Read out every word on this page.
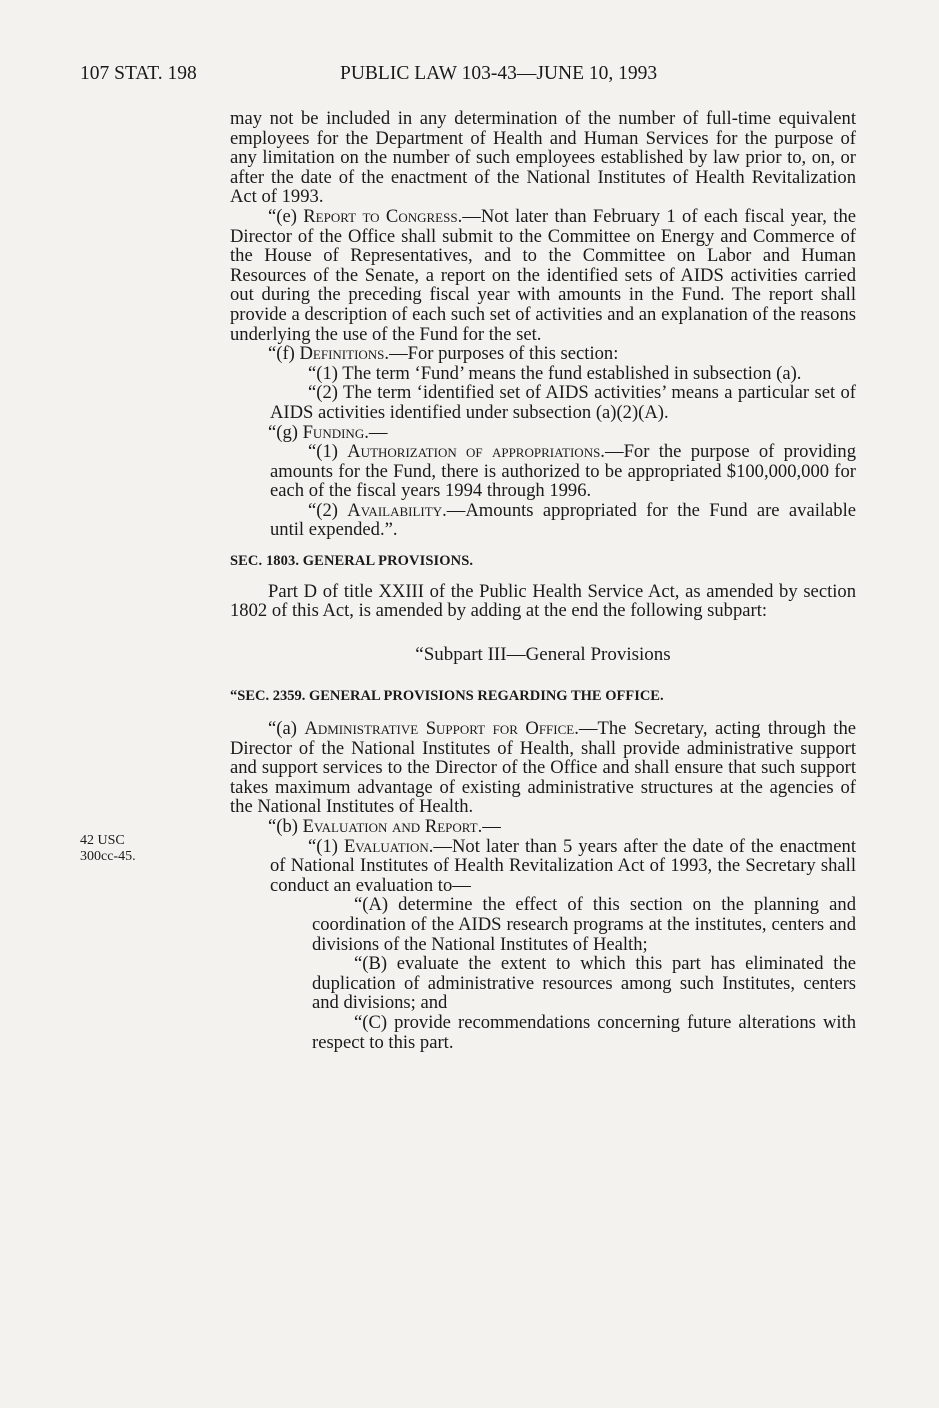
107 STAT. 198	PUBLIC LAW 103-43—JUNE 10, 1993
42 USC
300cc-45.

may not be included in any determination of the number of full-time equivalent employees for the Department of Health and Human Services for the purpose of any limitation on the number of such employees established by law prior to, on, or after the date of the enactment of the National Institutes of Health Revitalization Act of 1993.

“(e) Report to Congress.—Not later than February 1 of each fiscal year, the Director of the Office shall submit to the Committee on Energy and Commerce of the House of Representatives, and to the Committee on Labor and Human Resources of the Senate, a report on the identified sets of AIDS activities carried out during the preceding fiscal year with amounts in the Fund. The report shall provide a description of each such set of activities and an explanation of the reasons underlying the use of the Fund for the set.

“(f) Definitions.—For purposes of this section:

“(1) The term ‘Fund’ means the fund established in subsection (a).

“(2) The term ‘identified set of AIDS activities’ means a particular set of AIDS activities identified under subsection (a)(2)(A).

“(g) Funding.—

“(1) Authorization of appropriations.—For the purpose of providing amounts for the Fund, there is authorized to be appropriated $100,000,000 for each of the fiscal years 1994 through 1996.

“(2) Availability.—Amounts appropriated for the Fund are available until expended.”.

SEC. 1803. GENERAL PROVISIONS.

Part D of title XXIII of the Public Health Service Act, as amended by section 1802 of this Act, is amended by adding at the end the following subpart:

“Subpart III—General Provisions

“SEC. 2359. GENERAL PROVISIONS REGARDING THE OFFICE.

“(a) Administrative Support for Office.—The Secretary, acting through the Director of the National Institutes of Health, shall provide administrative support and support services to the Director of the Office and shall ensure that such support takes maximum advantage of existing administrative structures at the agencies of the National Institutes of Health.

“(b) Evaluation and Report.—

“(1) Evaluation.—Not later than 5 years after the date of the enactment of National Institutes of Health Revitalization Act of 1993, the Secretary shall conduct an evaluation to—

“(A) determine the effect of this section on the planning and coordination of the AIDS research programs at the institutes, centers and divisions of the National Institutes of Health;

“(B) evaluate the extent to which this part has eliminated the duplication of administrative resources among such Institutes, centers and divisions; and

“(C) provide recommendations concerning future alterations with respect to this part.
